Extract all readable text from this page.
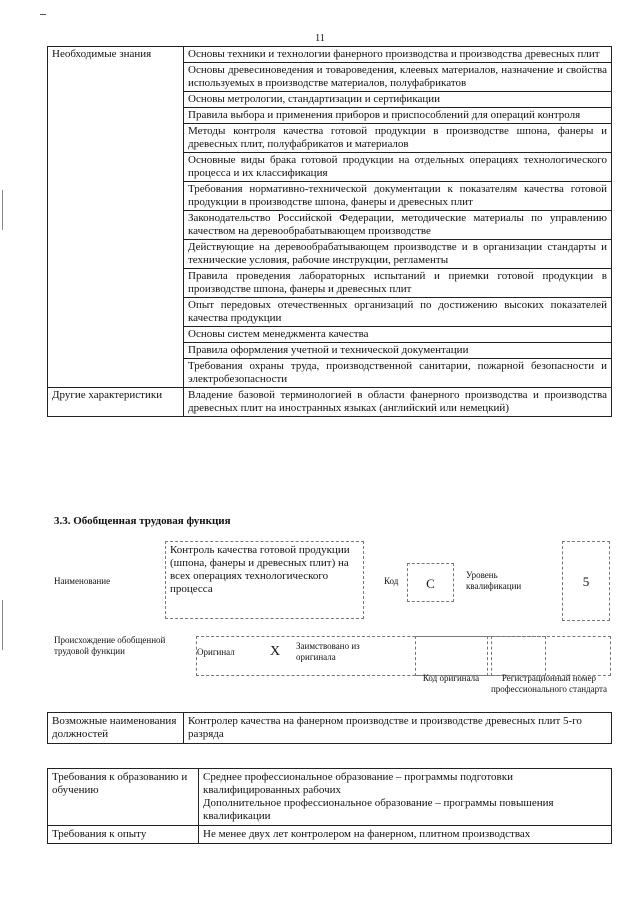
11
Необходимые знания	Основы техники и технологии фанерного производства и производства древесных плит
	Основы древесиноведения и товароведения, клеевых материалов, назначение и свойства используемых в производстве материалов, полуфабрикатов
	Основы метрологии, стандартизации и сертификации
	Правила выбора и применения приборов и приспособлений для операций контроля
	Методы контроля качества готовой продукции в производстве шпона, фанеры и древесных плит, полуфабрикатов и материалов
	Основные виды брака готовой продукции на отдельных операциях технологического процесса и их классификация
	Требования нормативно-технической документации к показателям качества готовой продукции в производстве шпона, фанеры и древесных плит
	Законодательство Российской Федерации, методические материалы по управлению качеством на деревообрабатывающем производстве
	Действующие на деревообрабатывающем производстве и в организации стандарты и технические условия, рабочие инструкции, регламенты
	Правила проведения лабораторных испытаний и приемки готовой продукции в производстве шпона, фанеры и древесных плит
	Опыт передовых отечественных организаций по достижению высоких показателей качества продукции
	Основы систем менеджмента качества
	Правила оформления учетной и технической документации
	Требования охраны труда, производственной санитарии, пожарной безопасности и электробезопасности
Другие характеристики	Владение базовой терминологией в области фанерного производства и производства древесных плит на иностранных языках (английский или немецкий)
3.3. Обобщенная трудовая функция
Наименование
Контроль качества готовой продукции (шпона, фанеры и древесных плит) на всех операциях технологического процесса
Код	C
Уровень квалификации	5
Происхождение обобщенной трудовой функции	Оригинал	X Заимствовано из оригинала
Код оригинала	Регистрационный номер профессионального стандарта
Возможные наименования должностей	Контролер качества на фанерном производстве и производстве древесных плит 5-го разряда
Требования к образованию и обучению	Среднее профессиональное образование – программы подготовки квалифицированных рабочих
Дополнительное профессиональное образование – программы повышения квалификации

Требования к опыту	Не менее двух лет контролером на фанерном, плитном производствах
